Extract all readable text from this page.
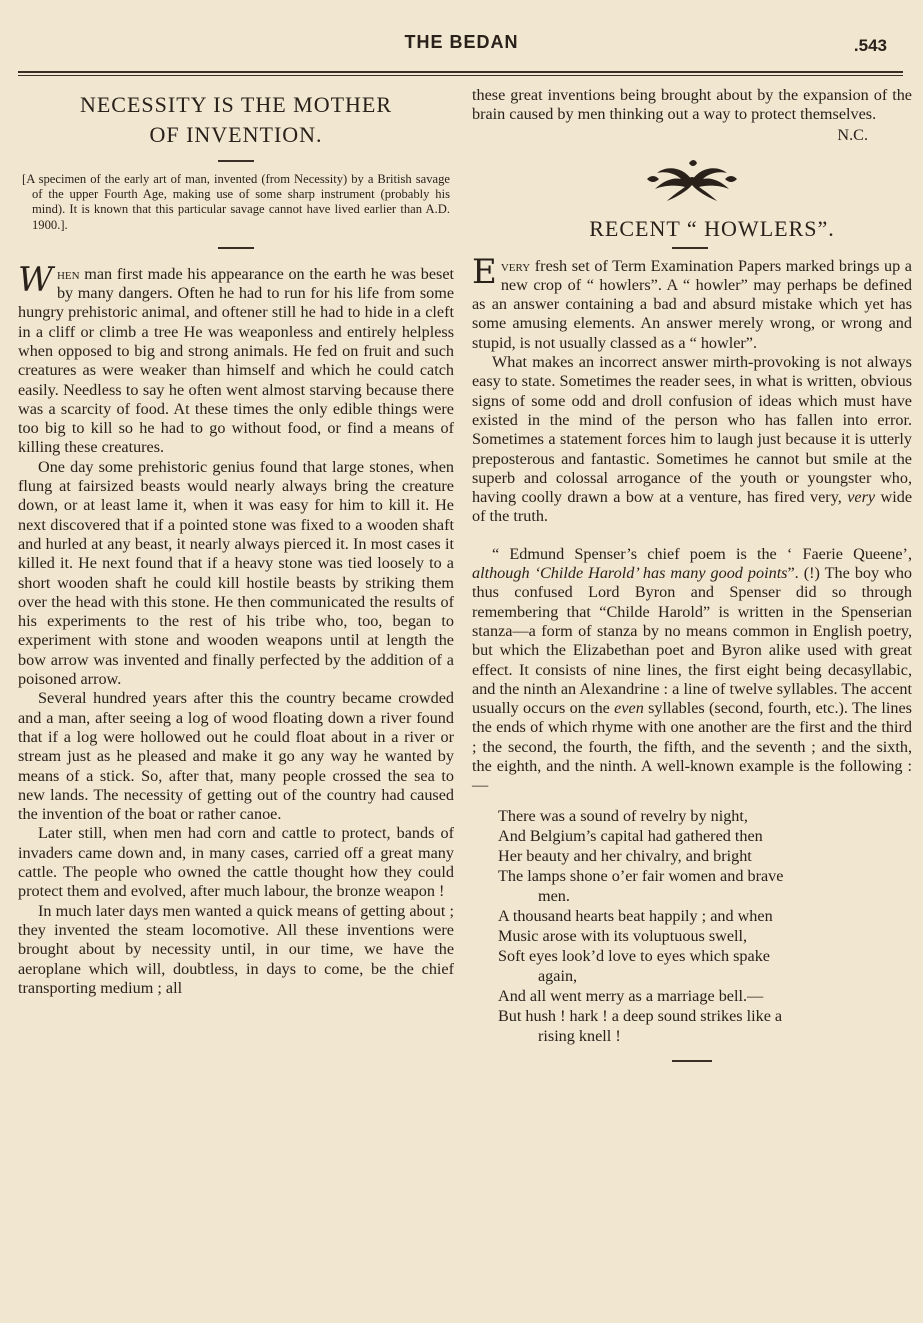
THE BEDAN	.543
NECESSITY IS THE MOTHER
OF INVENTION.
[A specimen of the early art of man, invented (from Necessity) by a British savage of the upper Fourth Age, making use of some sharp instrument (probably his mind). It is known that this particular savage cannot have lived earlier than A.D. 1900.].

When man first made his appearance on the earth he was beset by many dangers. Often he had to run for his life from some hungry prehistoric animal, and oftener still he had to hide in a cleft in a cliff or climb a tree He was weaponless and entirely helpless when opposed to big and strong animals. He fed on fruit and such creatures as were weaker than himself and which he could catch easily. Needless to say he often went almost starving because there was a scarcity of food. At these times the only edible things were too big to kill so he had to go without food, or find a means of killing these creatures.

One day some prehistoric genius found that large stones, when flung at fairsized beasts would nearly always bring the creature down, or at least lame it, when it was easy for him to kill it. He next discovered that if a pointed stone was fixed to a wooden shaft and hurled at any beast, it nearly always pierced it. In most cases it killed it. He next found that if a heavy stone was tied loosely to a short wooden shaft he could kill hostile beasts by striking them over the head with this stone. He then communicated the results of his experiments to the rest of his tribe who, too, began to experiment with stone and wooden weapons until at length the bow arrow was invented and finally perfected by the addition of a poisoned arrow.

Several hundred years after this the country became crowded and a man, after seeing a log of wood floating down a river found that if a log were hollowed out he could float about in a river or stream just as he pleased and make it go any way he wanted by means of a stick. So, after that, many people crossed the sea to new lands. The necessity of getting out of the country had caused the invention of the boat or rather canoe.

Later still, when men had corn and cattle to protect, bands of invaders came down and, in many cases, carried off a great many cattle. The people who owned the cattle thought how they could protect them and evolved, after much labour, the bronze weapon !

In much later days men wanted a quick means of getting about ; they invented the steam locomotive. All these inventions were brought about by necessity until, in our time, we have the aeroplane which will, doubtless, in days to come, be the chief transporting medium ; all

these great inventions being brought about by the expansion of the brain caused by men thinking out a way to protect themselves.

N.C.
RECENT “ HOWLERS”.

Every fresh set of Term Examination Papers marked brings up a new crop of “ howlers”. A “ howler” may perhaps be defined as an answer containing a bad and absurd mistake which yet has some amusing elements. An answer merely wrong, or wrong and stupid, is not usually classed as a “ howler”.

What makes an incorrect answer mirth-provoking is not always easy to state. Sometimes the reader sees, in what is written, obvious signs of some odd and droll confusion of ideas which must have existed in the mind of the person who has fallen into error. Sometimes a statement forces him to laugh just because it is utterly preposterous and fantastic. Sometimes he cannot but smile at the superb and colossal arrogance of the youth or youngster who, having coolly drawn a bow at a venture, has fired very, very wide of the truth.

“ Edmund Spenser’s chief poem is the ‘ Faerie Queene’, although ‘Childe Harold’ has many good points”. (!) The boy who thus confused Lord Byron and Spenser did so through remembering that “Childe Harold” is written in the Spenserian stanza—a form of stanza by no means common in English poetry, but which the Elizabethan poet and Byron alike used with great effect. It consists of nine lines, the first eight being decasyllabic, and the ninth an Alexandrine : a line of twelve syllables. The accent usually occurs on the even syllables (second, fourth, etc.). The lines the ends of which rhyme with one another are the first and the third ; the second, the fourth, the fifth, and the seventh ; and the sixth, the eighth, and the ninth. A well-known example is the following :—

There was a sound of revelry by night,
And Belgium’s capital had gathered then
Her beauty and her chivalry, and bright
The lamps shone o’er fair women and brave
men.
A thousand hearts beat happily ; and when
Music arose with its voluptuous swell,
Soft eyes look’d love to eyes which spake
again,
And all went merry as a marriage bell.—
But hush ! hark ! a deep sound strikes like a
rising knell !
